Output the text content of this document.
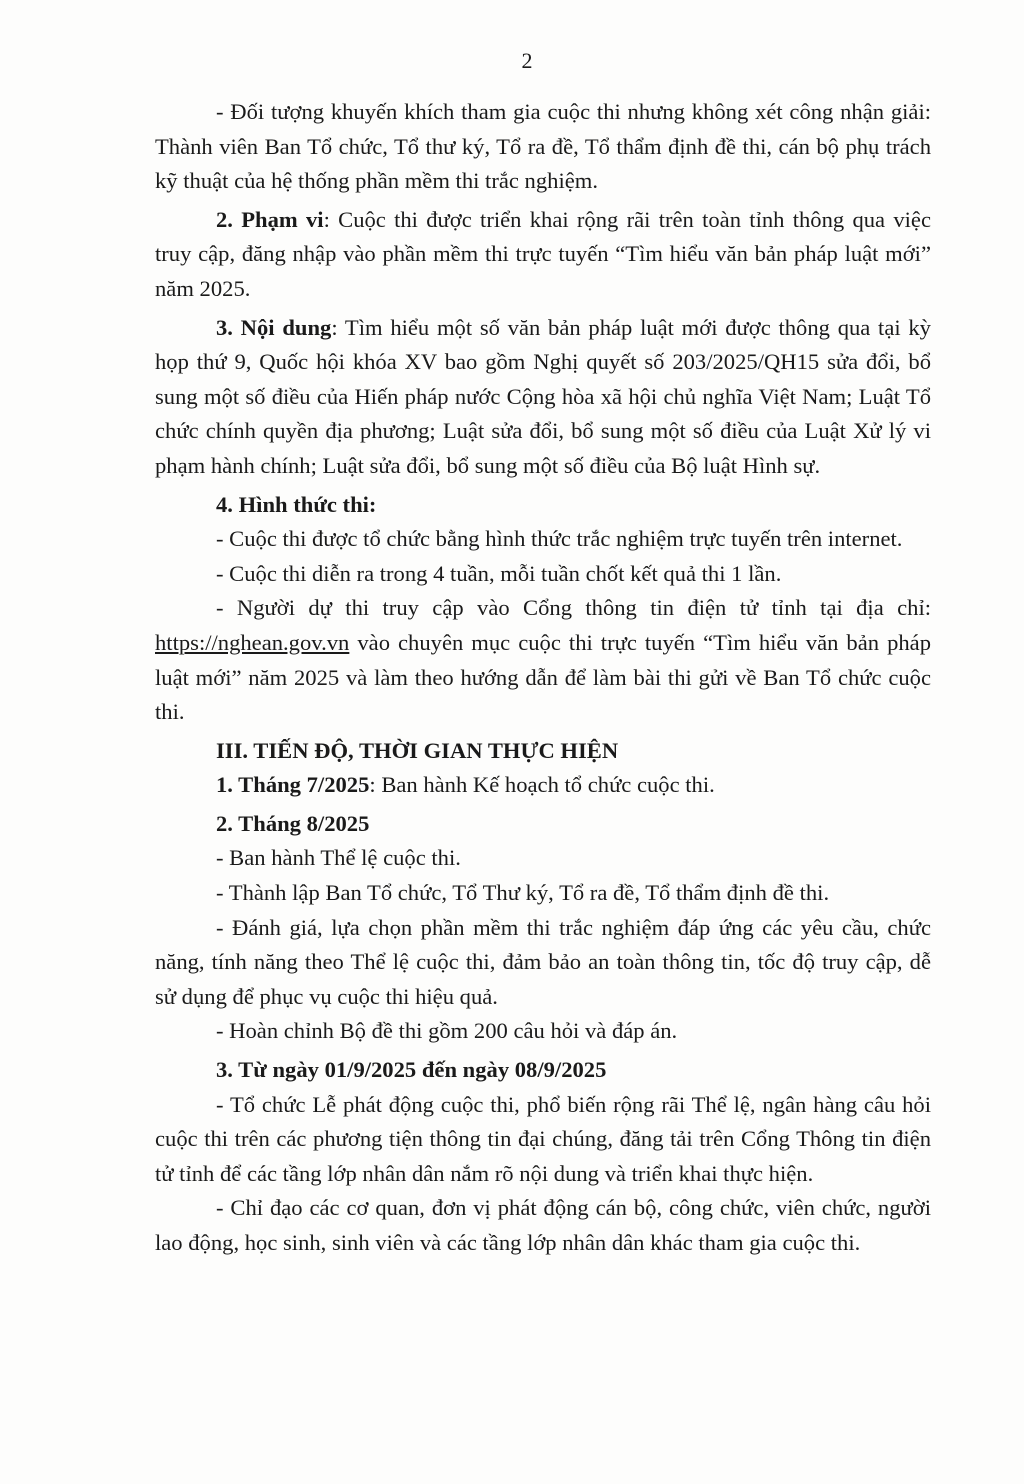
2

- Đối tượng khuyến khích tham gia cuộc thi nhưng không xét công nhận giải: Thành viên Ban Tổ chức, Tổ thư ký, Tổ ra đề, Tổ thẩm định đề thi, cán bộ phụ trách kỹ thuật của hệ thống phần mềm thi trắc nghiệm.

2. Phạm vi: Cuộc thi được triển khai rộng rãi trên toàn tỉnh thông qua việc truy cập, đăng nhập vào phần mềm thi trực tuyến “Tìm hiểu văn bản pháp luật mới” năm 2025.

3. Nội dung: Tìm hiểu một số văn bản pháp luật mới được thông qua tại kỳ họp thứ 9, Quốc hội khóa XV bao gồm Nghị quyết số 203/2025/QH15 sửa đổi, bổ sung một số điều của Hiến pháp nước Cộng hòa xã hội chủ nghĩa Việt Nam; Luật Tổ chức chính quyền địa phương; Luật sửa đổi, bổ sung một số điều của Luật Xử lý vi phạm hành chính; Luật sửa đổi, bổ sung một số điều của Bộ luật Hình sự.

4. Hình thức thi:

- Cuộc thi được tổ chức bằng hình thức trắc nghiệm trực tuyến trên internet.

- Cuộc thi diễn ra trong 4 tuần, mỗi tuần chốt kết quả thi 1 lần.

- Người dự thi truy cập vào Cổng thông tin điện tử tỉnh tại địa chỉ: https://nghean.gov.vn vào chuyên mục cuộc thi trực tuyến “Tìm hiểu văn bản pháp luật mới” năm 2025 và làm theo hướng dẫn để làm bài thi gửi về Ban Tổ chức cuộc thi.

III. TIẾN ĐỘ, THỜI GIAN THỰC HIỆN

1. Tháng 7/2025: Ban hành Kế hoạch tổ chức cuộc thi.

2. Tháng 8/2025

- Ban hành Thể lệ cuộc thi.

- Thành lập Ban Tổ chức, Tổ Thư ký, Tổ ra đề, Tổ thẩm định đề thi.

- Đánh giá, lựa chọn phần mềm thi trắc nghiệm đáp ứng các yêu cầu, chức năng, tính năng theo Thể lệ cuộc thi, đảm bảo an toàn thông tin, tốc độ truy cập, dễ sử dụng để phục vụ cuộc thi hiệu quả.

- Hoàn chỉnh Bộ đề thi gồm 200 câu hỏi và đáp án.

3. Từ ngày 01/9/2025 đến ngày 08/9/2025

- Tổ chức Lễ phát động cuộc thi, phổ biến rộng rãi Thể lệ, ngân hàng câu hỏi cuộc thi trên các phương tiện thông tin đại chúng, đăng tải trên Cổng Thông tin điện tử tỉnh để các tầng lớp nhân dân nắm rõ nội dung và triển khai thực hiện.

- Chỉ đạo các cơ quan, đơn vị phát động cán bộ, công chức, viên chức, người lao động, học sinh, sinh viên và các tầng lớp nhân dân khác tham gia cuộc thi.
